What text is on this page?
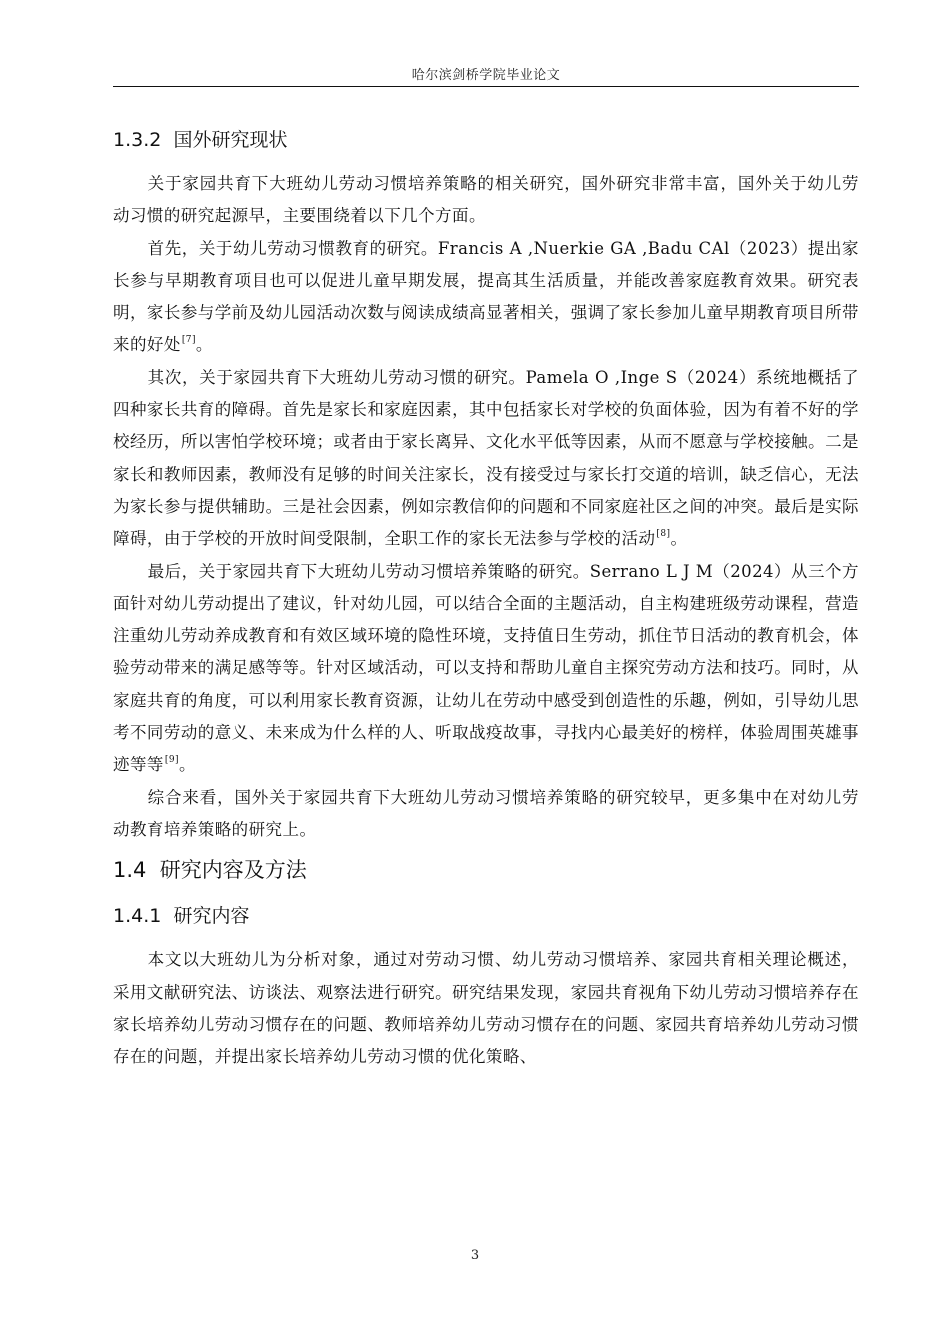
哈尔滨剑桥学院毕业论文
1.3.2 国外研究现状

关于家园共育下大班幼儿劳动习惯培养策略的相关研究，国外研究非常丰富，国外关于幼儿劳动习惯的研究起源早，主要围绕着以下几个方面。

首先，关于幼儿劳动习惯教育的研究。Francis A ,Nuerkie GA ,Badu CAl（2023）提出家长参与早期教育项目也可以促进儿童早期发展，提高其生活质量，并能改善家庭教育效果。研究表明，家长参与学前及幼儿园活动次数与阅读成绩高显著相关，强调了家长参加儿童早期教育项目所带来的好处[7]。

其次，关于家园共育下大班幼儿劳动习惯的研究。Pamela O ,Inge S（2024）系统地概括了四种家长共育的障碍。首先是家长和家庭因素，其中包括家长对学校的负面体验，因为有着不好的学校经历，所以害怕学校环境；或者由于家长离异、文化水平低等因素，从而不愿意与学校接触。二是家长和教师因素，教师没有足够的时间关注家长，没有接受过与家长打交道的培训，缺乏信心，无法为家长参与提供辅助。三是社会因素，例如宗教信仰的问题和不同家庭社区之间的冲突。最后是实际障碍，由于学校的开放时间受限制，全职工作的家长无法参与学校的活动[8]。

最后，关于家园共育下大班幼儿劳动习惯培养策略的研究。Serrano L J M（2024）从三个方面针对幼儿劳动提出了建议，针对幼儿园，可以结合全面的主题活动，自主构建班级劳动课程，营造注重幼儿劳动养成教育和有效区域环境的隐性环境，支持值日生劳动，抓住节日活动的教育机会，体验劳动带来的满足感等等。针对区域活动，可以支持和帮助儿童自主探究劳动方法和技巧。同时，从家庭共育的角度，可以利用家长教育资源，让幼儿在劳动中感受到创造性的乐趣，例如，引导幼儿思考不同劳动的意义、未来成为什么样的人、听取战疫故事，寻找内心最美好的榜样，体验周围英雄事迹等等[9]。

综合来看，国外关于家园共育下大班幼儿劳动习惯培养策略的研究较早，更多集中在对幼儿劳动教育培养策略的研究上。

1.4 研究内容及方法
1.4.1 研究内容

本文以大班幼儿为分析对象，通过对劳动习惯、幼儿劳动习惯培养、家园共育相关理论概述，采用文献研究法、访谈法、观察法进行研究。研究结果发现，家园共育视角下幼儿劳动习惯培养存在家长培养幼儿劳动习惯存在的问题、教师培养幼儿劳动习惯存在的问题、家园共育培养幼儿劳动习惯存在的问题，并提出家长培养幼儿劳动习惯的优化策略、

3
